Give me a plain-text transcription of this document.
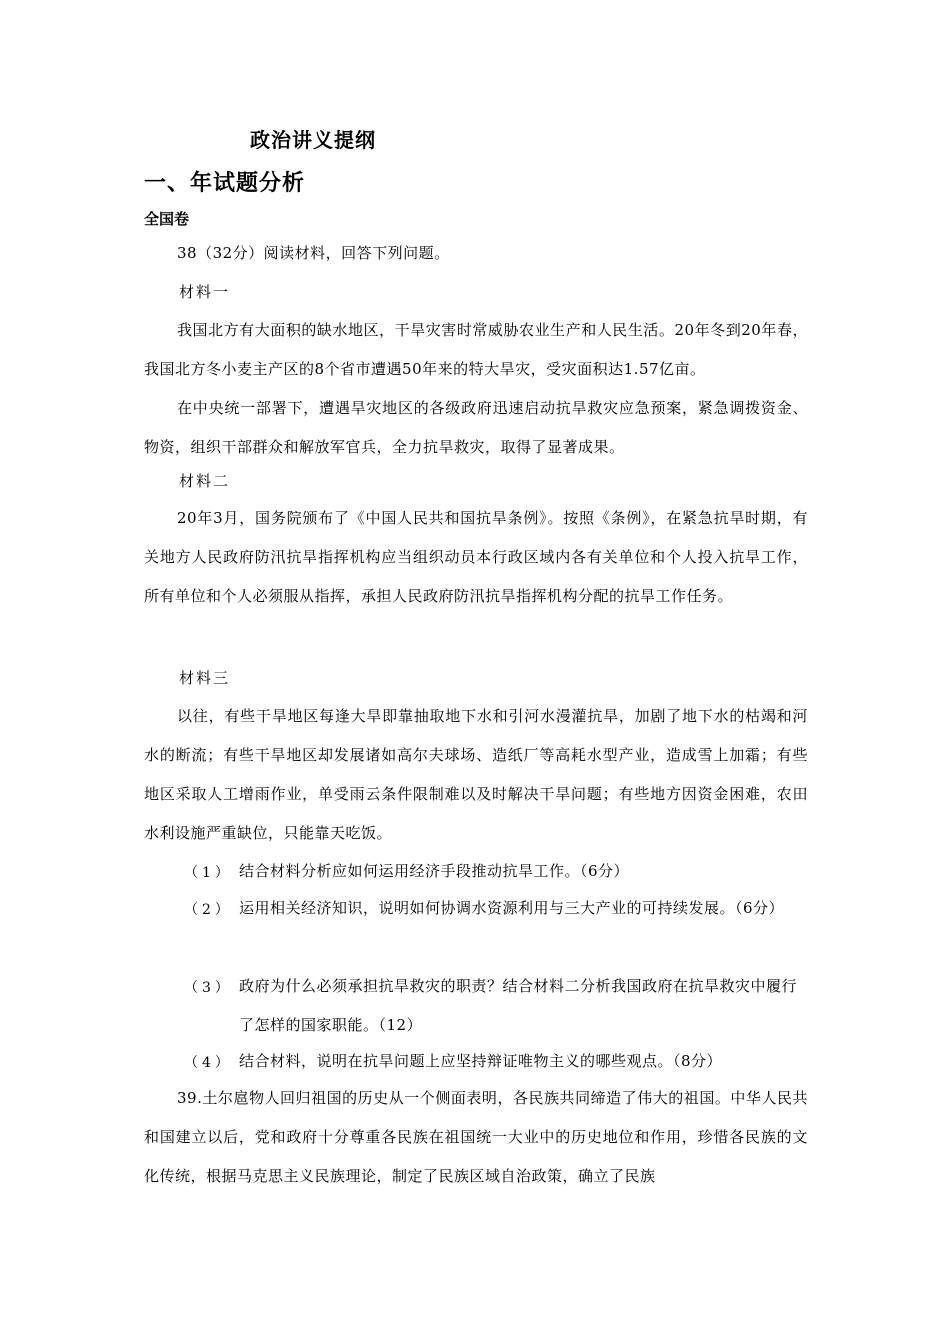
政治讲义提纲
一、年试题分析
全国卷

38（32分）阅读材料，回答下列问题。

材料一

我国北方有大面积的缺水地区，干旱灾害时常威胁农业生产和人民生活。20年冬到20年春，我国北方冬小麦主产区的8个省市遭遇50年来的特大旱灾，受灾面积达1.57亿亩。

在中央统一部署下，遭遇旱灾地区的各级政府迅速启动抗旱救灾应急预案，紧急调拨资金、物资，组织干部群众和解放军官兵，全力抗旱救灾，取得了显著成果。

材料二

20年3月，国务院颁布了《中国人民共和国抗旱条例》。按照《条例》，在紧急抗旱时期，有关地方人民政府防汛抗旱指挥机构应当组织动员本行政区域内各有关单位和个人投入抗旱工作，所有单位和个人必须服从指挥，承担人民政府防汛抗旱指挥机构分配的抗旱工作任务。

材料三

以往，有些干旱地区每逢大旱即靠抽取地下水和引河水漫灌抗旱，加剧了地下水的枯竭和河水的断流；有些干旱地区却发展诸如高尔夫球场、造纸厂等高耗水型产业，造成雪上加霜；有些地区采取人工增雨作业，单受雨云条件限制难以及时解决干旱问题；有些地方因资金困难，农田水利设施严重缺位，只能靠天吃饭。

（1） 结合材料分析应如何运用经济手段推动抗旱工作。（6分）

（2） 运用相关经济知识，说明如何协调水资源利用与三大产业的可持续发展。（6分）

（3） 政府为什么必须承担抗旱救灾的职责？结合材料二分析我国政府在抗旱救灾中履行了怎样的国家职能。（12）

（4） 结合材料，说明在抗旱问题上应坚持辩证唯物主义的哪些观点。（8分）

39.土尔扈物人回归祖国的历史从一个侧面表明，各民族共同缔造了伟大的祖国。中华人民共和国建立以后，党和政府十分尊重各民族在祖国统一大业中的历史地位和作用，珍惜各民族的文化传统，根据马克思主义民族理论，制定了民族区域自治政策，确立了民族
